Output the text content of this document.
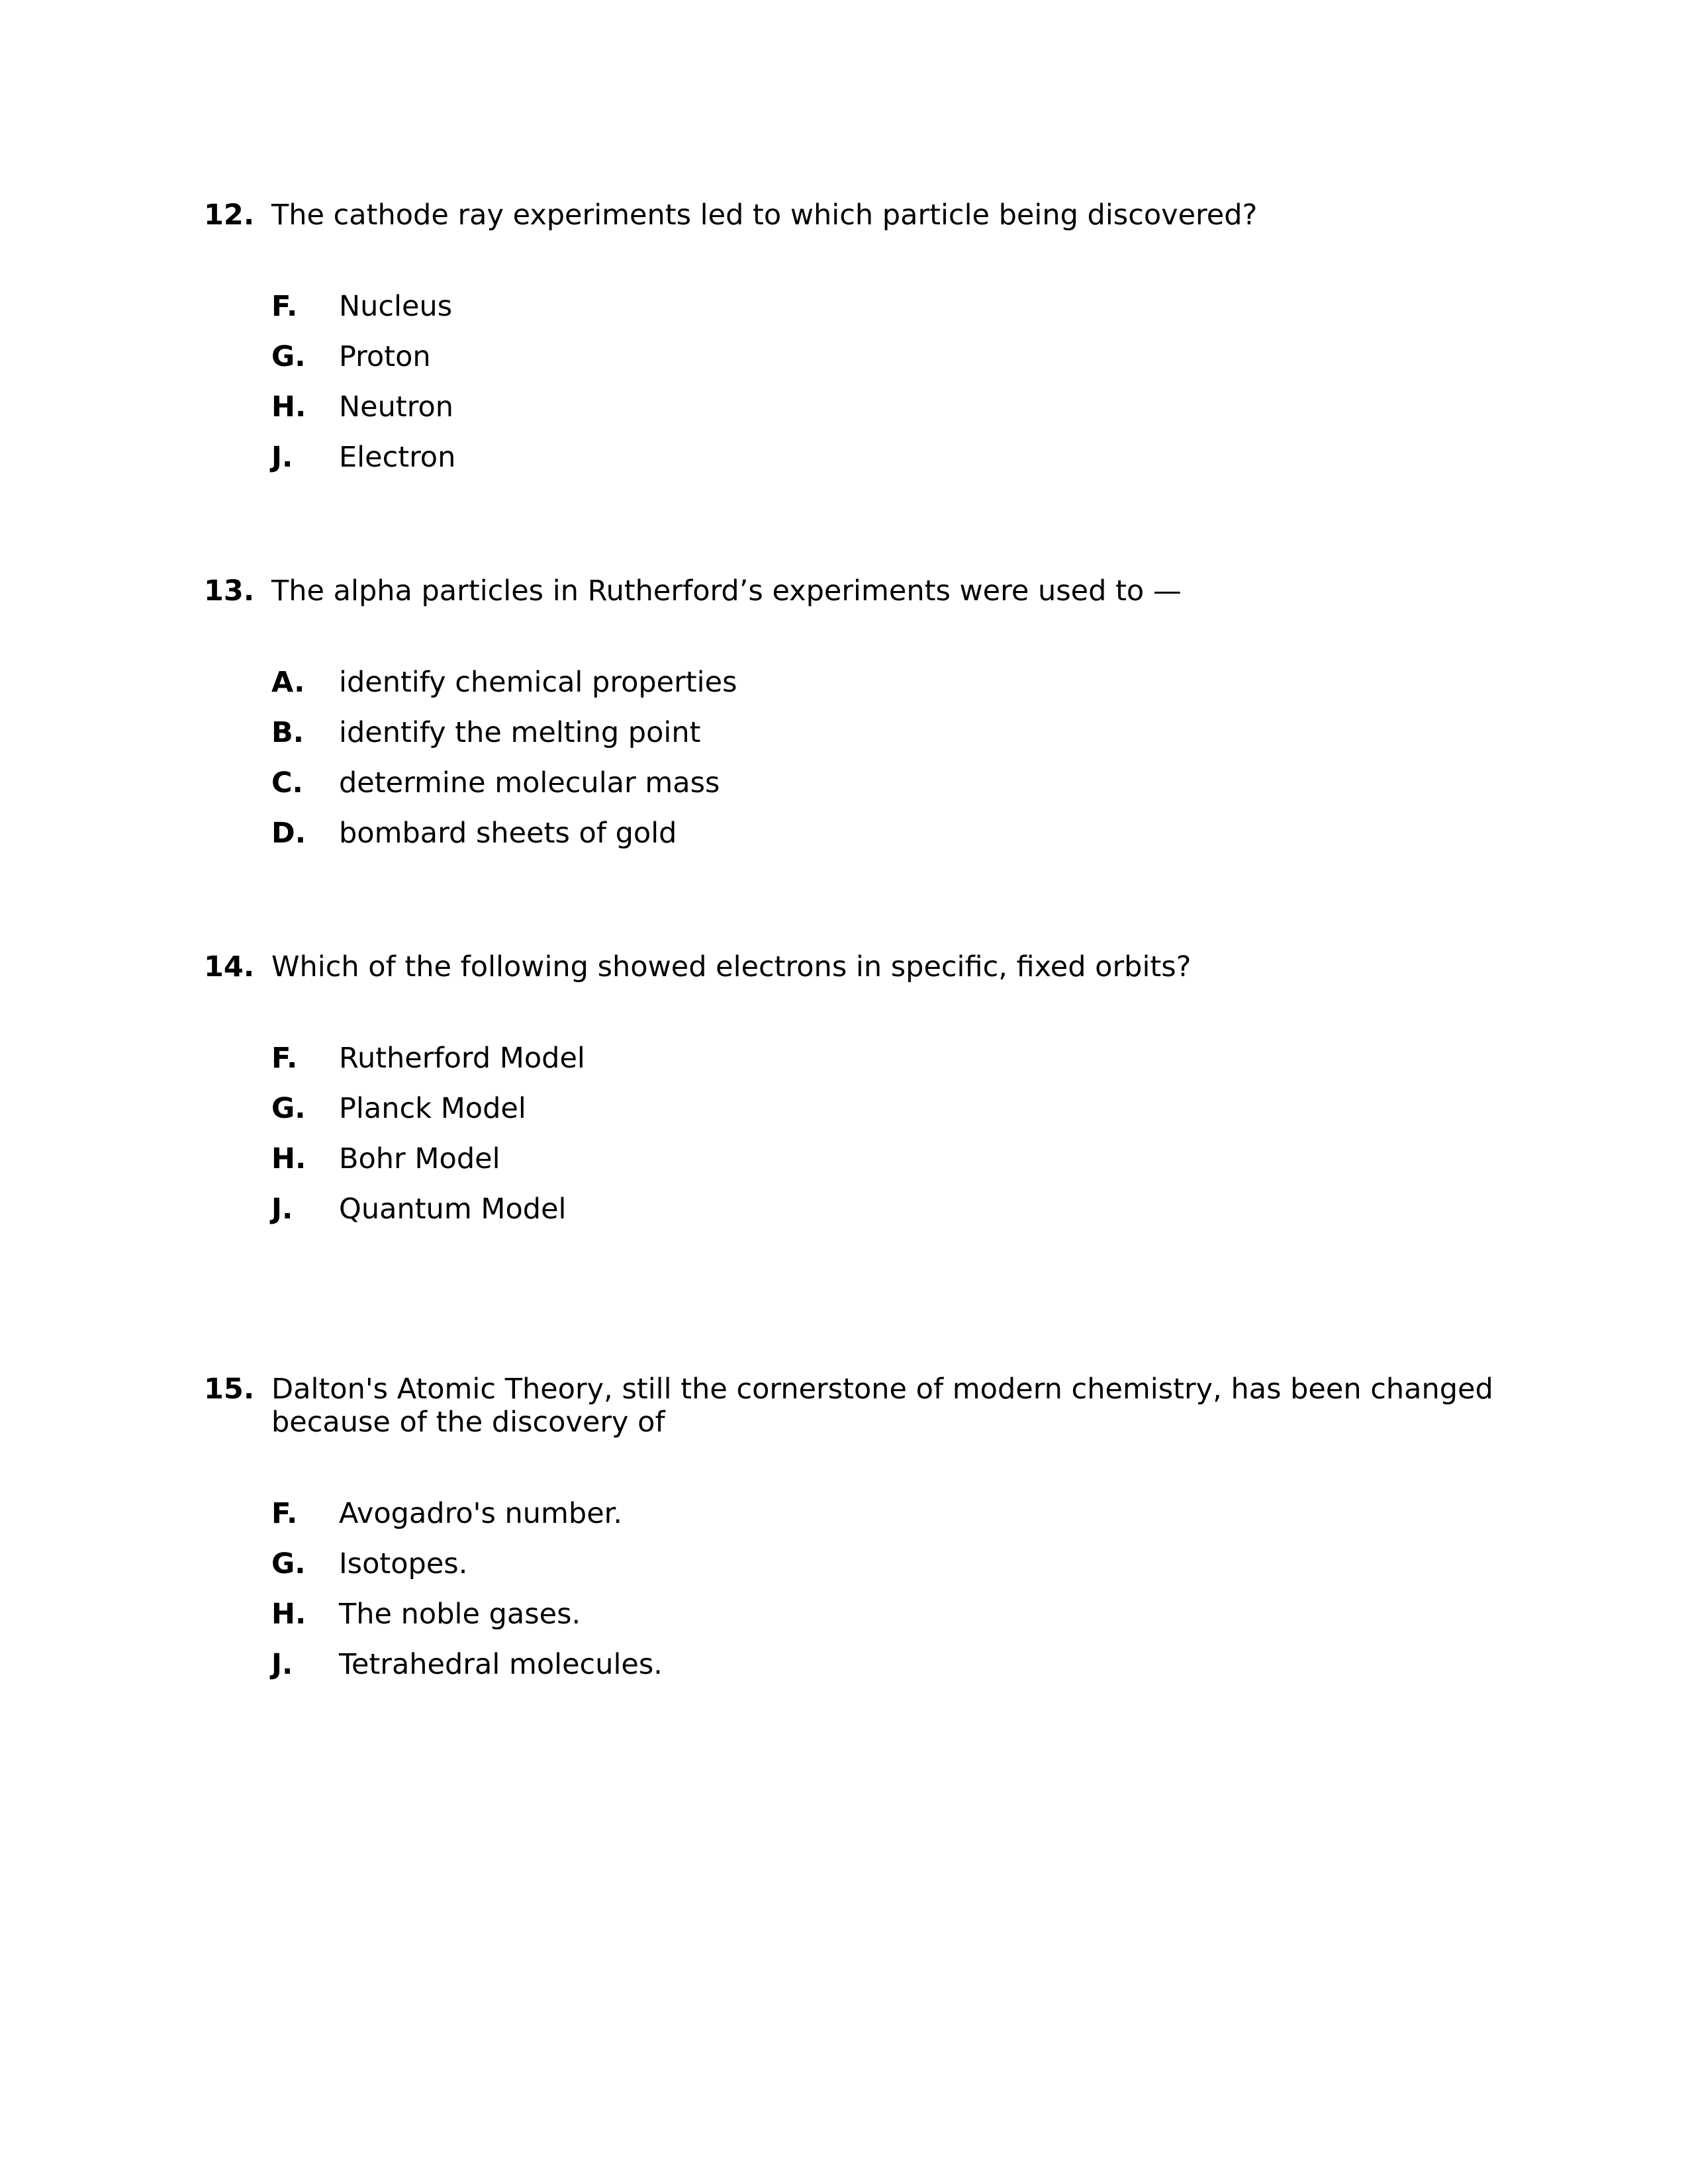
12. The cathode ray experiments led to which particle being discovered?
F. Nucleus
G. Proton
H. Neutron
J. Electron
13. The alpha particles in Rutherford’s experiments were used to —
A. identify chemical properties
B. identify the melting point
C. determine molecular mass
D. bombard sheets of gold
14. Which of the following showed electrons in specific, fixed orbits?
F. Rutherford Model
G. Planck Model
H. Bohr Model
J. Quantum Model
15. Dalton's Atomic Theory, still the cornerstone of modern chemistry, has been changed because of the discovery of
F. Avogadro's number.
G. Isotopes.
H. The noble gases.
J. Tetrahedral molecules.
